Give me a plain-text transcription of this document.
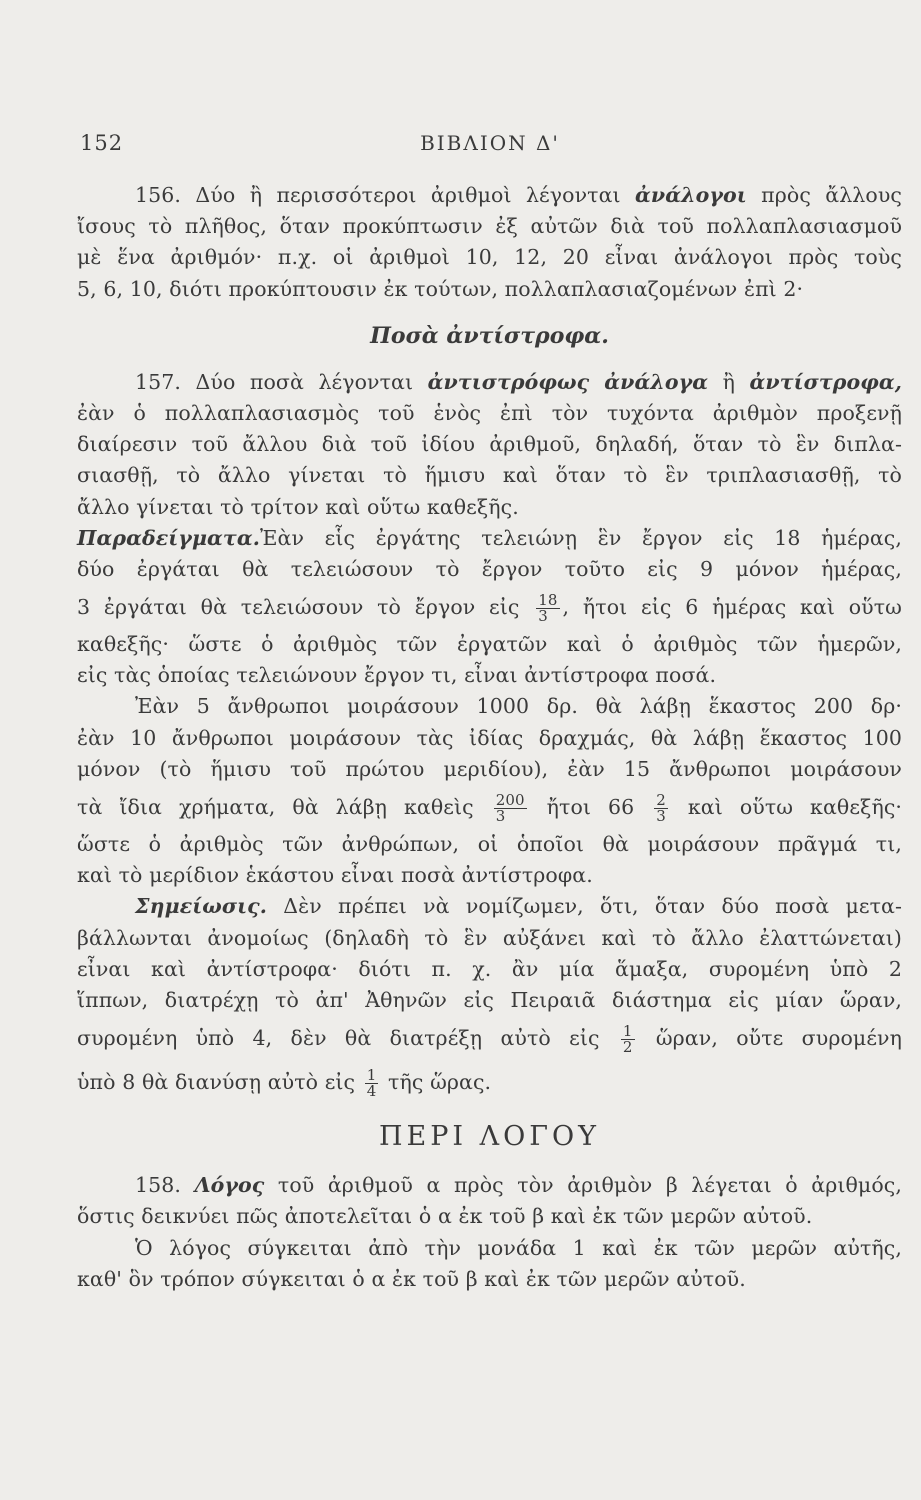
152	ΒΙΒΛΙΟΝ Δ'
156. Δύο ἢ περισσότεροι ἀριθμοὶ λέγονται ἀνάλογοι πρὸς ἄλλους
ἴσους τὸ πλῆθος, ὅταν προκύπτωσιν ἐξ αὐτῶν διὰ τοῦ πολλαπλασιασμοῦ
μὲ ἕνα ἀριθμόν· π.χ. οἱ ἀριθμοὶ 10, 12, 20 εἶναι ἀνάλογοι πρὸς τοὺς
5, 6, 10, διότι προκύπτουσιν ἐκ τούτων, πολλαπλασιαζομένων ἐπὶ 2·
Ποσὰ ἀντίστροφα.
157. Δύο ποσὰ λέγονται ἀντιστρόφως ἀνάλογα ἢ ἀντίστροφα,
ἐὰν ὁ πολλαπλασιασμὸς τοῦ ἑνὸς ἐπὶ τὸν τυχόντα ἀριθμὸν προξενῇ
διαίρεσιν τοῦ ἄλλου διὰ τοῦ ἰδίου ἀριθμοῦ, δηλαδή, ὅταν τὸ ἓν διπλα-
σιασθῇ, τὸ ἄλλο γίνεται τὸ ἥμισυ καὶ ὅταν τὸ ἓν τριπλασιασθῇ, τὸ
ἄλλο γίνεται τὸ τρίτον καὶ οὕτω καθεξῆς.
Παραδείγματα.Ἐὰν εἷς ἐργάτης τελειώνῃ ἓν ἔργον εἰς 18 ἡμέρας,
δύο ἐργάται θὰ τελειώσουν τὸ ἔργον τοῦτο εἰς 9 μόνον ἡμέρας,
3 ἐργάται θὰ τελειώσουν τὸ ἔργον εἰς $\frac{18}{3}$ , ἤτοι εἰς 6 ἡμέρας καὶ οὕτω
καθεξῆς· ὥστε ὁ ἀριθμὸς τῶν ἐργατῶν καὶ ὁ ἀριθμὸς τῶν ἡμερῶν,
εἰς τὰς ὁποίας τελειώνουν ἔργον τι, εἶναι ἀντίστροφα ποσά.
Ἐὰν 5 ἄνθρωποι μοιράσουν 1000 δρ. θὰ λάβῃ ἕκαστος 200 δρ·
ἐὰν 10 ἄνθρωποι μοιράσουν τὰς ἰδίας δραχμάς, θὰ λάβῃ ἕκαστος 100
μόνον (τὸ ἥμισυ τοῦ πρώτου μεριδίου), ἐὰν 15 ἄνθρωποι μοιράσουν
τὰ ἴδια χρήματα, θὰ λάβῃ καθεὶς $\frac{200}{3}$ ἤτοι $66 \frac{2}{3}$ καὶ οὕτω καθεξῆς·
ὥστε ὁ ἀριθμὸς τῶν ἀνθρώπων, οἱ ὁποῖοι θὰ μοιράσουν πρᾶγμά τι,
καὶ τὸ μερίδιον ἑκάστου εἶναι ποσὰ ἀντίστροφα.
Σημείωσις. Δὲν πρέπει νὰ νομίζωμεν, ὅτι, ὅταν δύο ποσὰ μετα-
βάλλωνται ἀνομοίως (δηλαδὴ τὸ ἓν αὐξάνει καὶ τὸ ἄλλο ἐλαττώνεται)
εἶναι καὶ ἀντίστροφα· διότι π. χ. ἂν μία ἅμαξα, συρομένη ὑπὸ 2
ἵππων, διατρέχῃ τὸ ἀπ' Ἀθηνῶν εἰς Πειραιᾶ διάστημα εἰς μίαν ὥραν,
συρομένη ὑπὸ 4, δὲν θὰ διατρέξῃ αὐτὸ εἰς $\frac{1}{2}$ ὥραν, οὔτε συρομένη
ὑπὸ 8 θὰ διανύσῃ αὐτὸ εἰς $\frac{1}{4}$ τῆς ὥρας.
ΠΕΡΙ ΛΟΓΟΥ
158. Λόγος τοῦ ἀριθμοῦ α πρὸς τὸν ἀριθμὸν β λέγεται ὁ ἀριθμός,
ὅστις δεικνύει πῶς ἀποτελεῖται ὁ α ἐκ τοῦ β καὶ ἐκ τῶν μερῶν αὐτοῦ.
Ὁ λόγος σύγκειται ἀπὸ τὴν μονάδα 1 καὶ ἐκ τῶν μερῶν αὐτῆς,
καθ' ὃν τρόπον σύγκειται ὁ α ἐκ τοῦ β καὶ ἐκ τῶν μερῶν αὐτοῦ.
